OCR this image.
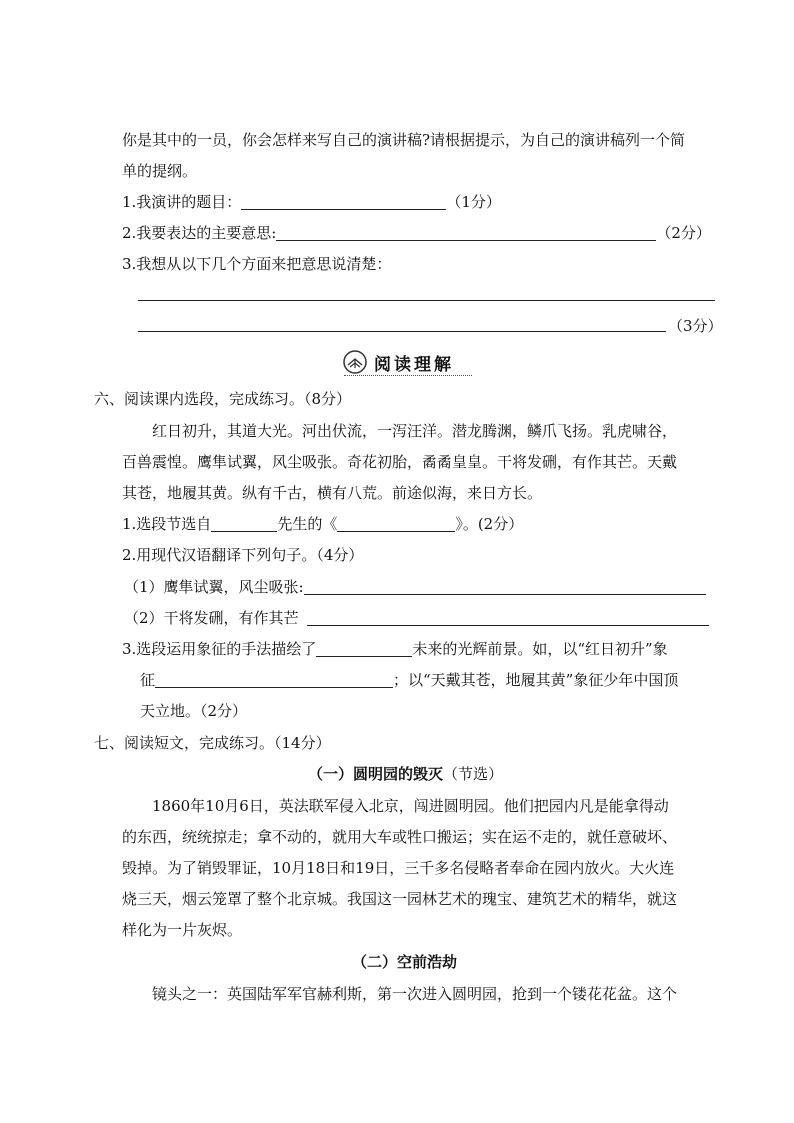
你是其中的一员，你会怎样来写自己的演讲稿?请根据提示，为自己的演讲稿列一个简
单的提纲。
1.我演讲的题目：	（1分）
2.我要表达的主要意思:	（2分）
3.我想从以下几个方面来把意思说清楚：
（3分）
阅读理解
六、阅读课内选段，完成练习。（8分）
红日初升，其道大光。河出伏流，一泻汪洋。潜龙腾渊，鳞爪飞扬。乳虎啸谷，
百兽震惶。鹰隼试翼，风尘吸张。奇花初胎，矞矞皇皇。干将发硎，有作其芒。天戴
其苍，地履其黄。纵有千古，横有八荒。前途似海，来日方长。
1.选段节选自	先生的《	》。(2分）
2.用现代汉语翻译下列句子。（4分）
（1）鹰隼试翼，风尘吸张:
（2）干将发硎，有作其芒
3.选段运用象征的手法描绘了	未来的光辉前景。如，以“红日初升”象
征	；以“天戴其苍，地履其黄”象征少年中国顶
天立地。（2分）
七、阅读短文，完成练习。（14分）
（一）圆明园的毁灭（节选）
1860年10月6日，英法联军侵入北京，闯进圆明园。他们把园内凡是能拿得动
的东西，统统掠走；拿不动的，就用大车或牲口搬运；实在运不走的，就任意破坏、
毁掉。为了销毁罪证，10月18日和19日，三千多名侵略者奉命在园内放火。大火连
烧三天，烟云笼罩了整个北京城。我国这一园林艺术的瑰宝、建筑艺术的精华，就这
样化为一片灰烬。
（二）空前浩劫
镜头之一：英国陆军军官赫利斯，第一次进入圆明园，抢到一个镂花花盆。这个
